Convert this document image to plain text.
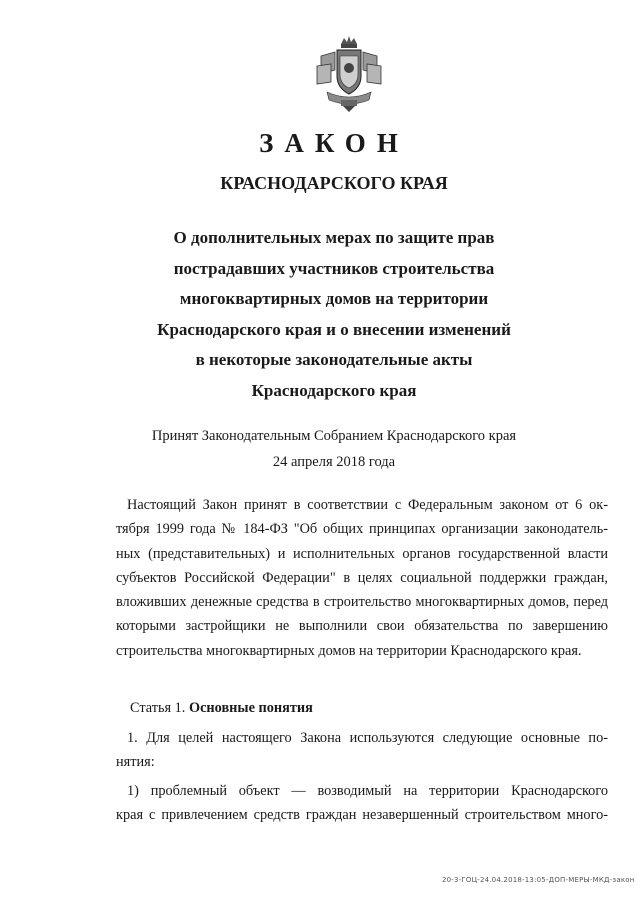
ЗАКОН
КРАСНОДАРСКОГО КРАЯ
О дополнительных мерах по защите прав
пострадавших участников строительства
многоквартирных домов на территории
Краснодарского края и о внесении изменений
в некоторые законодательные акты
Краснодарского края
Принят Законодательным Собранием Краснодарского края
24 апреля 2018 года
Настоящий Закон принят в соответствии с Федеральным законом от 6 ок-
тября 1999 года № 184-ФЗ "Об общих принципах организации законодатель-
ных (представительных) и исполнительных органов государственной власти
субъектов Российской Федерации" в целях социальной поддержки граждан,
вложивших денежные средства в строительство многоквартирных домов, перед
которыми застройщики не выполнили свои обязательства по завершению
строительства многоквартирных домов на территории Краснодарского края.
Статья 1. Основные понятия
1. Для целей настоящего Закона используются следующие основные по-
нятия:
1) проблемный объект — возводимый на территории Краснодарского
края с привлечением средств граждан незавершенный строительством много-
20-3-ГОЦ-24.04.2018-13:05-ДОП-МЕРЫ-МКД-закон
